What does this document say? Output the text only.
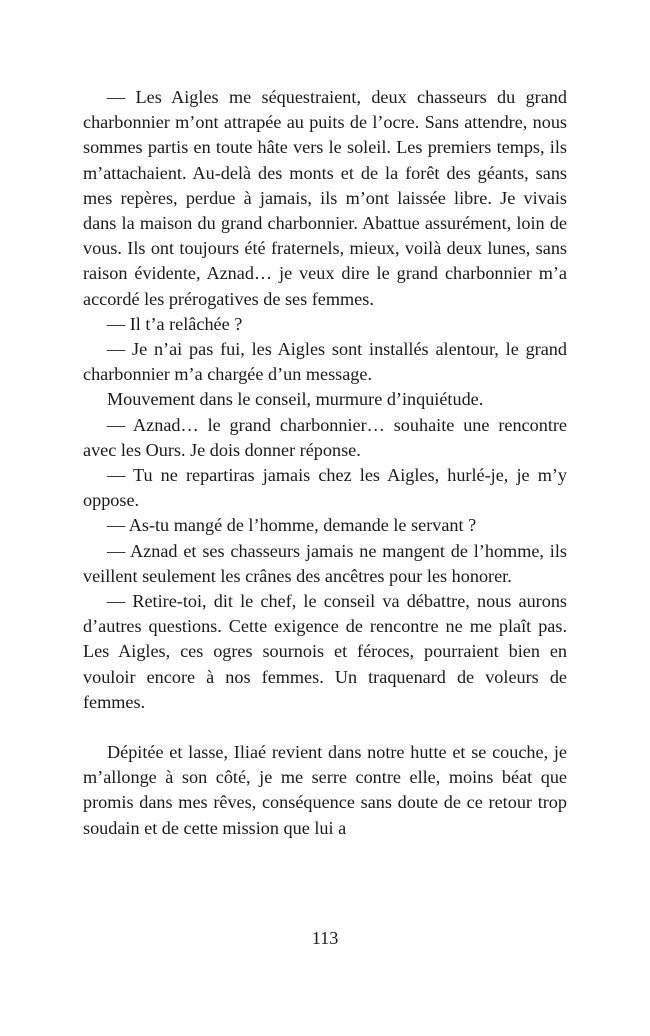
— Les Aigles me séquestraient, deux chasseurs du grand charbonnier m’ont attrapée au puits de l’ocre. Sans attendre, nous sommes partis en toute hâte vers le soleil. Les premiers temps, ils m’attachaient. Au-delà des monts et de la forêt des géants, sans mes repères, perdue à jamais, ils m’ont laissée libre. Je vivais dans la maison du grand charbonnier. Abattue assurément, loin de vous. Ils ont toujours été fraternels, mieux, voilà deux lunes, sans raison évidente, Aznad… je veux dire le grand charbonnier m’a accordé les prérogatives de ses femmes.

— Il t’a relâchée ?

— Je n’ai pas fui, les Aigles sont installés alentour, le grand charbonnier m’a chargée d’un message.

Mouvement dans le conseil, murmure d’inquiétude.

— Aznad… le grand charbonnier… souhaite une rencontre avec les Ours. Je dois donner réponse.

— Tu ne repartiras jamais chez les Aigles, hurlé-je, je m’y oppose.

— As-tu mangé de l’homme, demande le servant ?

— Aznad et ses chasseurs jamais ne mangent de l’homme, ils veillent seulement les crânes des ancêtres pour les honorer.

— Retire-toi, dit le chef, le conseil va débattre, nous aurons d’autres questions. Cette exigence de rencontre ne me plaît pas. Les Aigles, ces ogres sournois et féroces, pourraient bien en vouloir encore à nos femmes. Un traquenard de voleurs de femmes.

Dépitée et lasse, Iliaé revient dans notre hutte et se couche, je m’allonge à son côté, je me serre contre elle, moins béat que promis dans mes rêves, conséquence sans doute de ce retour trop soudain et de cette mission que lui a

113
